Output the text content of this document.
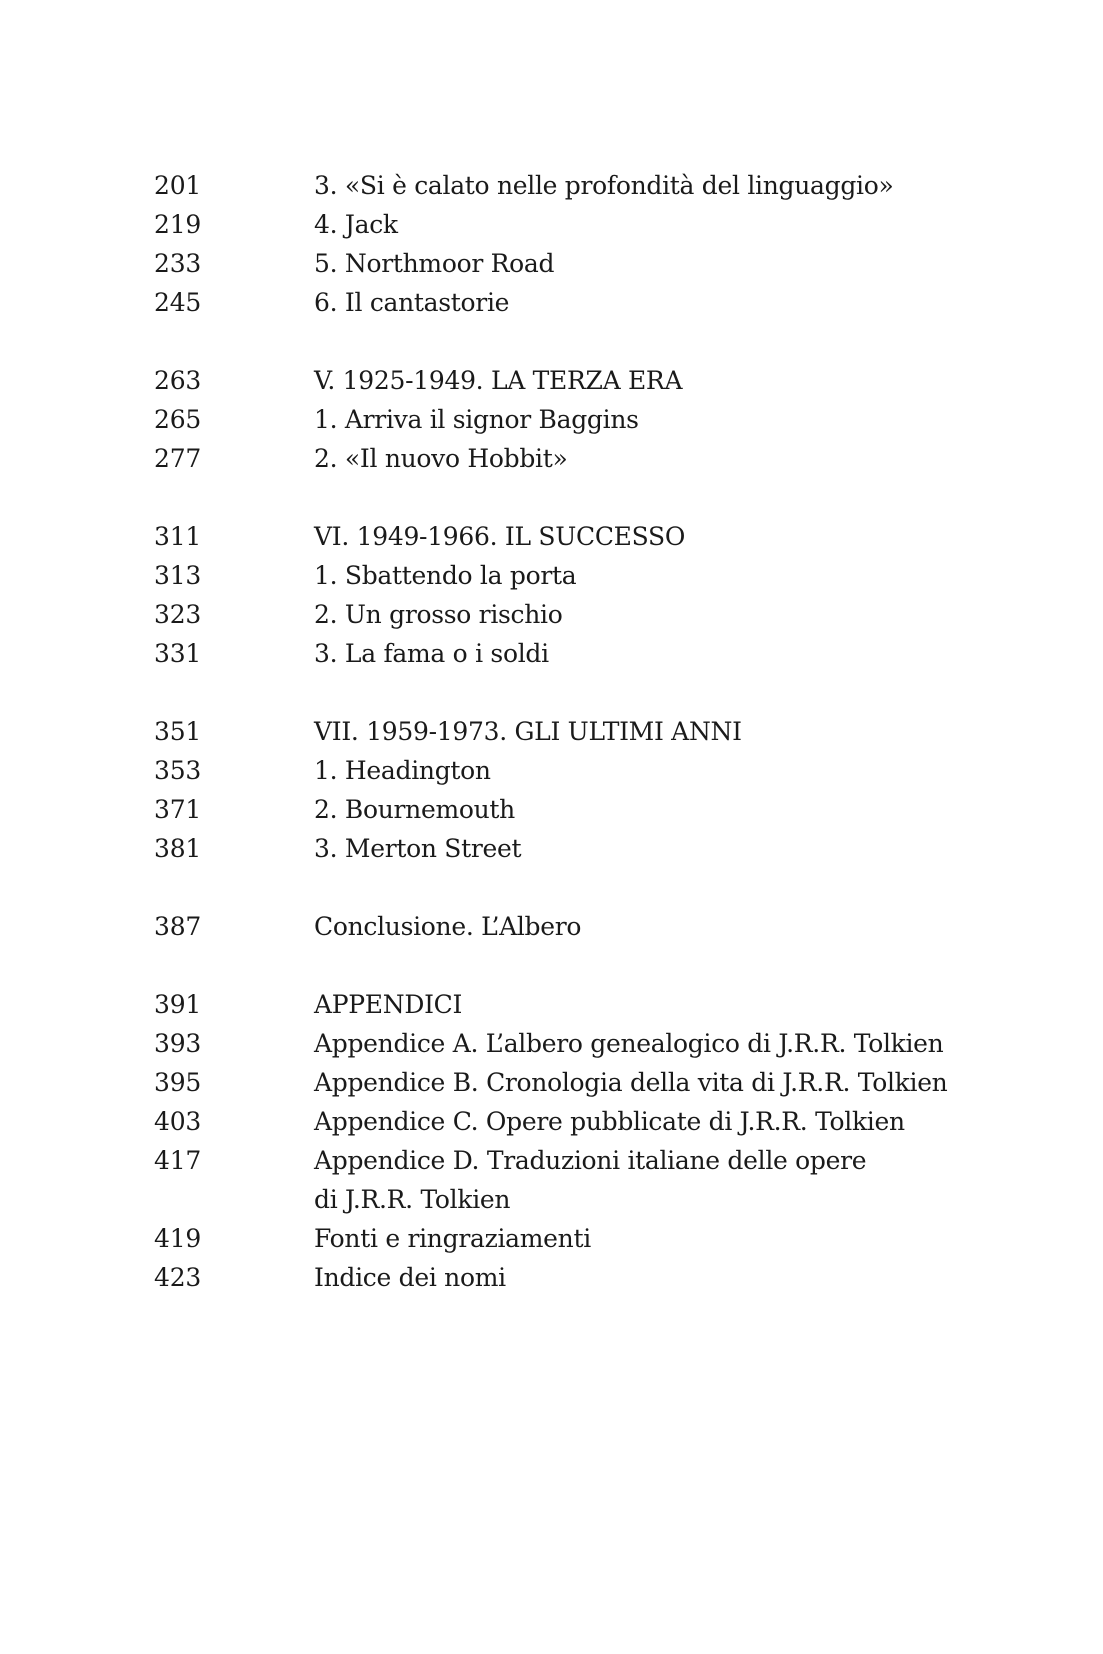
201	3. «Si è calato nelle profondità del linguaggio»
219	4. Jack
233	5. Northmoor Road
245	6. Il cantastorie
263	V. 1925-1949. LA TERZA ERA
265	1. Arriva il signor Baggins
277	2. «Il nuovo Hobbit»
311	VI. 1949-1966. IL SUCCESSO
313	1. Sbattendo la porta
323	2. Un grosso rischio
331	3. La fama o i soldi
351	VII. 1959-1973. GLI ULTIMI ANNI
353	1. Headington
371	2. Bournemouth
381	3. Merton Street
387	Conclusione. L’Albero
391	APPENDICI
393	Appendice A. L’albero genealogico di J.R.R. Tolkien
395	Appendice B. Cronologia della vita di J.R.R. Tolkien
403	Appendice C. Opere pubblicate di J.R.R. Tolkien
417	Appendice D. Traduzioni italiane delle opere
di J.R.R. Tolkien
419	Fonti e ringraziamenti
423	Indice dei nomi
